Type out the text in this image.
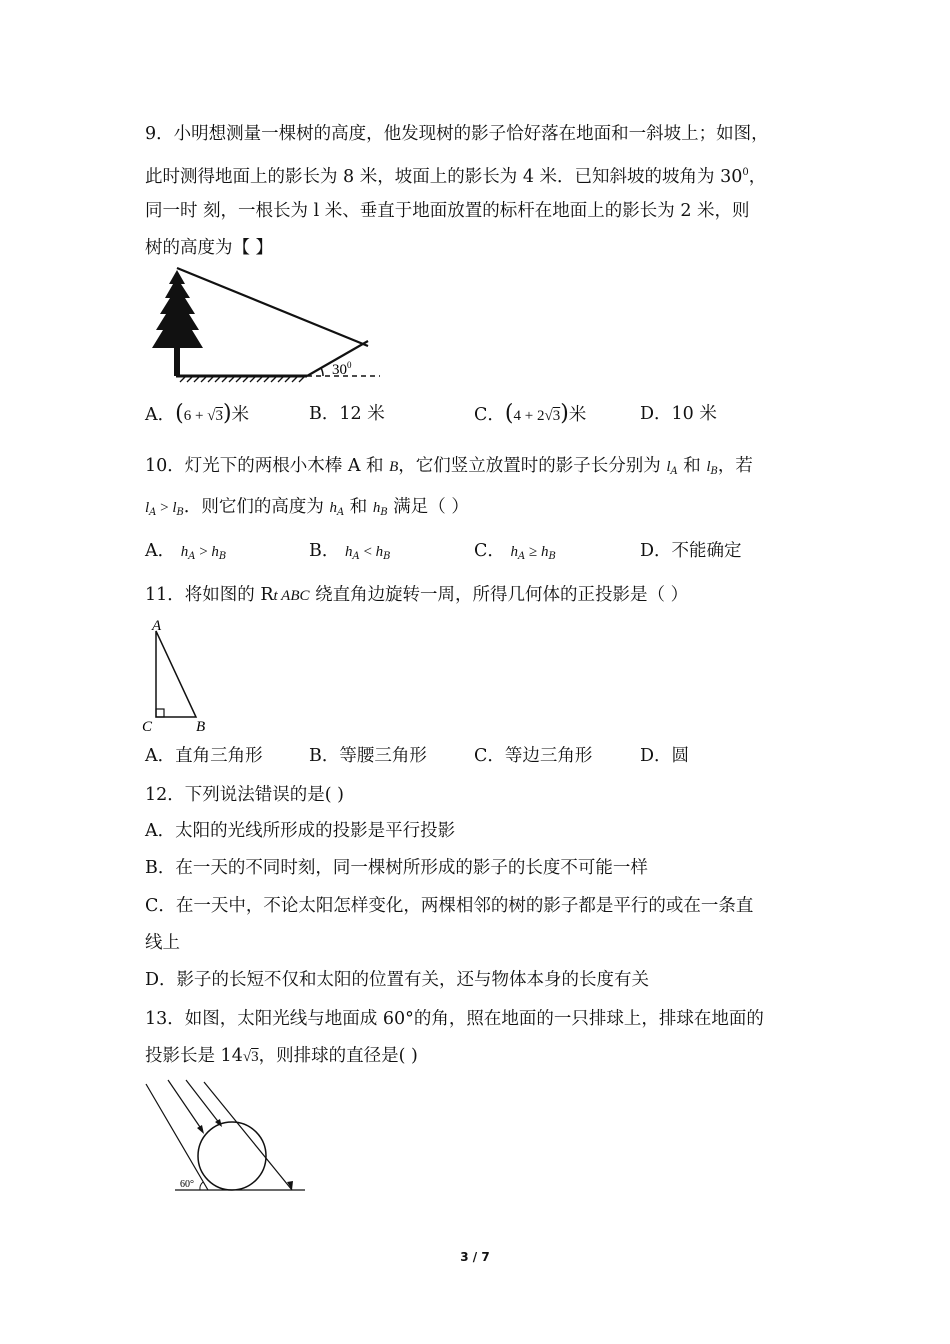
9．小明想测量一棵树的高度，他发现树的影子恰好落在地面和一斜坡上；如图，
此时测得地面上的影长为 8 米，坡面上的影长为 4 米．已知斜坡的坡角为 $30^0$，
同一时 刻，一根长为 l 米、垂直于地面放置的标杆在地面上的影长为 2 米，则
树的高度为【 】
$30^0$
A．(6 + √3)米	B．12 米	C．(4 + 2√3)米	D．10 米
10．灯光下的两根小木棒 A 和 B，它们竖立放置时的影子长分别为 $l_A$ 和 $l_B$，若
$l_A > l_B$．则它们的高度为 $h_A$ 和 $h_B$ 满足（ ）
A． $h_A > h_B$	B． $h_A < h_B$	C． $h_A \ge h_B$	D．不能确定
11．将如图的 Rt ABC 绕直角边旋转一周，所得几何体的正投影是（ ）
A
C	B
A．直角三角形	B．等腰三角形	C．等边三角形	D．圆
12．下列说法错误的是( )
A．太阳的光线所形成的投影是平行投影
B．在一天的不同时刻，同一棵树所形成的影子的长度不可能一样
C．在一天中，不论太阳怎样变化，两棵相邻的树的影子都是平行的或在一条直
线上
D．影子的长短不仅和太阳的位置有关，还与物体本身的长度有关
13．如图，太阳光线与地面成 60°的角，照在地面的一只排球上，排球在地面的
投影长是 14√3，则排球的直径是( )
60°
3 / 7
